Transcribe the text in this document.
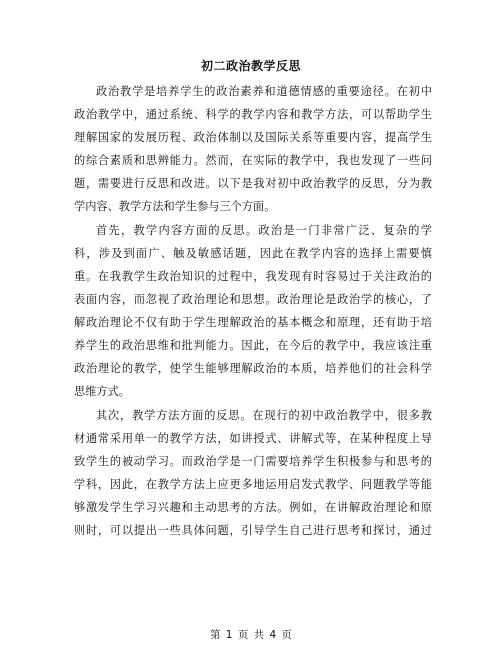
初二政治教学反思
政治教学是培养学生的政治素养和道德情感的重要途径。在初中
政治教学中，通过系统、科学的教学内容和教学方法，可以帮助学生
理解国家的发展历程、政治体制以及国际关系等重要内容，提高学生
的综合素质和思辨能力。然而，在实际的教学中，我也发现了一些问
题，需要进行反思和改进。以下是我对初中政治教学的反思，分为教
学内容、教学方法和学生参与三个方面。
首先，教学内容方面的反思。政治是一门非常广泛、复杂的学
科，涉及到面广、触及敏感话题，因此在教学内容的选择上需要慎
重。在我教学生政治知识的过程中，我发现有时容易过于关注政治的
表面内容，而忽视了政治理论和思想。政治理论是政治学的核心，了
解政治理论不仅有助于学生理解政治的基本概念和原理，还有助于培
养学生的政治思维和批判能力。因此，在今后的教学中，我应该注重
政治理论的教学，使学生能够理解政治的本质，培养他们的社会科学
思维方式。
其次，教学方法方面的反思。在现行的初中政治教学中，很多教
材通常采用单一的教学方法，如讲授式、讲解式等，在某种程度上导
致学生的被动学习。而政治学是一门需要培养学生积极参与和思考的
学科，因此，在教学方法上应更多地运用启发式教学、问题教学等能
够激发学生学习兴趣和主动思考的方法。例如，在讲解政治理论和原
则时，可以提出一些具体问题，引导学生自己进行思考和探讨，通过
第 1 页 共 4 页
